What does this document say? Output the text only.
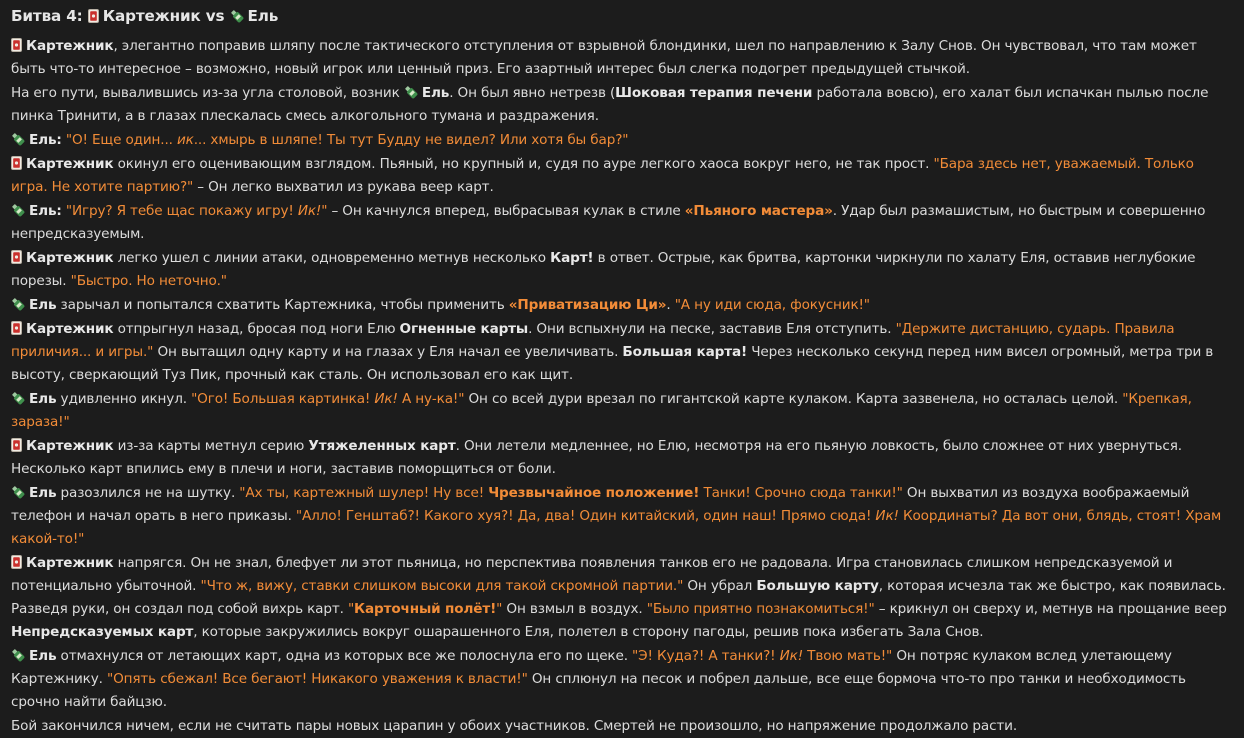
Битва 4: Картежник vs Ель

Картежник, элегантно поправив шляпу после тактического отступления от взрывной блондинки, шел по направлению к Залу Снов. Он чувствовал, что там может быть что-то интересное – возможно, новый игрок или ценный приз. Его азартный интерес был слегка подогрет предыдущей стычкой.

На его пути, вывалившись из-за угла столовой, возник
Ель. Он был явно нетрезв (Шоковая терапия печени работала вовсю), его халат был испачкан пылью после пинка Тринити, а в глазах плескалась смесь алкогольного тумана и раздражения.

Ель: "О! Еще один... ик... хмырь в шляпе! Ты тут Будду не видел? Или хотя бы бар?"

Картежник окинул его оценивающим взглядом. Пьяный, но крупный и, судя по ауре легкого хаоса вокруг него, не так прост. "Бара здесь нет, уважаемый. Только игра. Не хотите партию?" – Он легко выхватил из рукава веер карт.

Ель: "Игру? Я тебе щас покажу игру! Ик!" – Он качнулся вперед, выбрасывая кулак в стиле «Пьяного мастера». Удар был размашистым, но быстрым и совершенно непредсказуемым.

Картежник легко ушел с линии атаки, одновременно метнув несколько Карт! в ответ. Острые, как бритва, картонки чиркнули по халату Еля, оставив неглубокие порезы. "Быстро. Но неточно."

Ель зарычал и попытался схватить Картежника, чтобы применить «Приватизацию Ци». "А ну иди сюда, фокусник!"

Картежник отпрыгнул назад, бросая под ноги Елю Огненные карты. Они вспыхнули на песке, заставив Еля отступить. "Держите дистанцию, сударь. Правила приличия... и игры." Он вытащил одну карту и на глазах у Еля начал ее увеличивать. Большая карта! Через несколько секунд перед ним висел огромный, метра три в высоту, сверкающий Туз Пик, прочный как сталь. Он использовал его как щит.

Ель удивленно икнул. "Ого! Большая картинка! Ик! А ну-ка!" Он со всей дури врезал по гигантской карте кулаком. Карта зазвенела, но осталась целой. "Крепкая, зараза!"

Картежник из-за карты метнул серию Утяжеленных карт. Они летели медленнее, но Елю, несмотря на его пьяную ловкость, было сложнее от них увернуться. Несколько карт впились ему в плечи и ноги, заставив поморщиться от боли.

Ель разозлился не на шутку. "Ах ты, картежный шулер! Ну все! Чрезвычайное положение! Танки! Срочно сюда танки!" Он выхватил из воздуха воображаемый телефон и начал орать в него приказы. "Алло! Генштаб?! Какого хуя?! Да, два! Один китайский, один наш! Прямо сюда! Ик! Координаты? Да вот они, блядь, стоят! Храм какой-то!"

Картежник напрягся. Он не знал, блефует ли этот пьяница, но перспектива появления танков его не радовала. Игра становилась слишком непредсказуемой и потенциально убыточной. "Что ж, вижу, ставки слишком высоки для такой скромной партии." Он убрал Большую карту, которая исчезла так же быстро, как появилась. Разведя руки, он создал под собой вихрь карт. "Карточный полёт!" Он взмыл в воздух. "Было приятно познакомиться!" – крикнул он сверху и, метнув на прощание веер Непредсказуемых карт, которые закружились вокруг ошарашенного Еля, полетел в сторону пагоды, решив пока избегать Зала Снов.

Ель отмахнулся от летающих карт, одна из которых все же полоснула его по щеке. "Э! Куда?! А танки?! Ик! Твою мать!" Он потряс кулаком вслед улетающему Картежнику. "Опять сбежал! Все бегают! Никакого уважения к власти!" Он сплюнул на песок и побрел дальше, все еще бормоча что-то про танки и необходимость срочно найти байцзю.

Бой закончился ничем, если не считать пары новых царапин у обоих участников. Смертей не произошло, но напряжение продолжало расти.
